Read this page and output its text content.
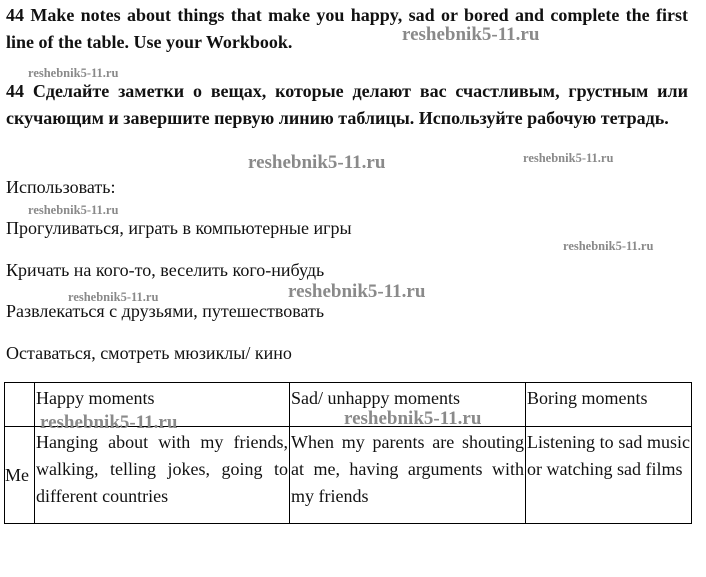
44 Make notes about things that make you happy, sad or bored and complete the first line of the table. Use your Workbook.

44 Сделайте заметки о вещах, которые делают вас счастливым, грустным или скучающим и завершите первую линию таблицы. Используйте рабочую тетрадь.

Использовать:
Прогуливаться, играть в компьютерные игры
Кричать на кого-то, веселить кого-нибудь
Развлекаться с друзьями, путешествовать
Оставаться, смотреть мюзиклы/ кино
	Happy moments	Sad/ unhappy moments	Boring moments
Me	Hanging about with my friends, walking, telling jokes, going to different countries	When my parents are shouting at me, having arguments with my friends	Listening to sad music or watching sad films
reshebnik5-11.ru
reshebnik5-11.ru
reshebnik5-11.ru	reshebnik5-11.ru
reshebnik5-11.ru
reshebnik5-11.ru
reshebnik5-11.ru
reshebnik5-11.ru
reshebnik5-11.ru	reshebnik5-11.ru
